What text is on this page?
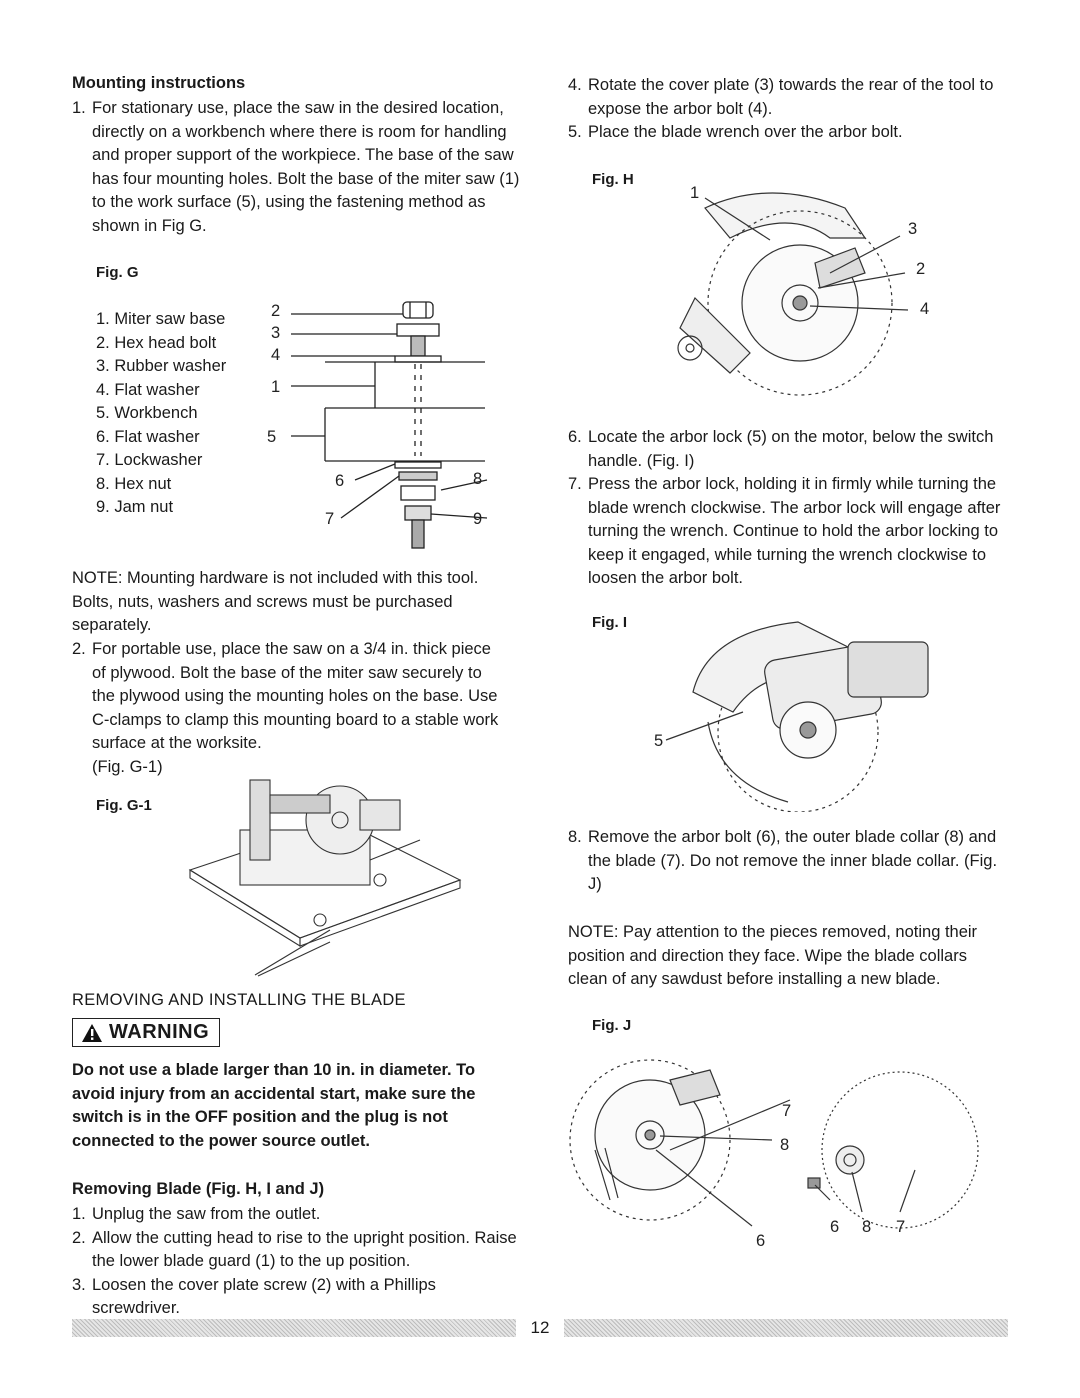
Mounting instructions
1. For stationary use, place the saw in the desired location, directly on a workbench where there is room for handling and proper support of the workpiece. The base of the saw has four mounting holes. Bolt the base of the miter saw (1) to the work surface (5), using the fastening method as shown in Fig G.
Fig. G
1. Miter saw base
2. Hex head bolt
3. Rubber washer
4. Flat washer
5. Workbench
6. Flat washer
7. Lockwasher
8. Hex nut
9. Jam nut
2
3
4
1
5
6	8
7	9
NOTE: Mounting hardware is not included with this tool. Bolts, nuts, washers and screws must be purchased separately.
2. For portable use, place the saw on a 3/4 in. thick piece of plywood. Bolt the base of the miter saw securely to the plywood using the mounting holes on the base. Use C-clamps to clamp this mounting board to a stable work surface at the worksite.
(Fig. G-1)
Fig. G-1
REMOVING AND INSTALLING THE BLADE
WARNING
Do not use a blade larger than 10 in. in diameter. To avoid injury from an accidental start, make sure the switch is in the OFF position and the plug is not connected to the power source outlet.
Removing Blade (Fig. H, I and J)
1. Unplug the saw from the outlet.
2. Allow the cutting head to rise to the upright position. Raise the lower blade guard (1) to the up position.
3. Loosen the cover plate screw (2) with a Phillips screwdriver.
4. Rotate the cover plate (3) towards the rear of the tool to expose the arbor bolt (4).
5. Place the blade wrench over the arbor bolt.
Fig. H
1
3
2
4
6. Locate the arbor lock (5) on the motor, below the switch handle. (Fig. I)
7. Press the arbor lock, holding it in firmly while turning the blade wrench clockwise. The arbor lock will engage after turning the wrench. Continue to hold the arbor locking to keep it engaged, while turning the wrench clockwise to loosen the arbor bolt.
Fig. I
5
8. Remove the arbor bolt (6), the outer blade collar (8) and the blade (7). Do not remove the inner blade collar. (Fig. J)
NOTE: Pay attention to the pieces removed, noting their position and direction they face. Wipe the blade collars clean of any sawdust before installing a new blade.
Fig. J
7
8
6
6 8 7
12
